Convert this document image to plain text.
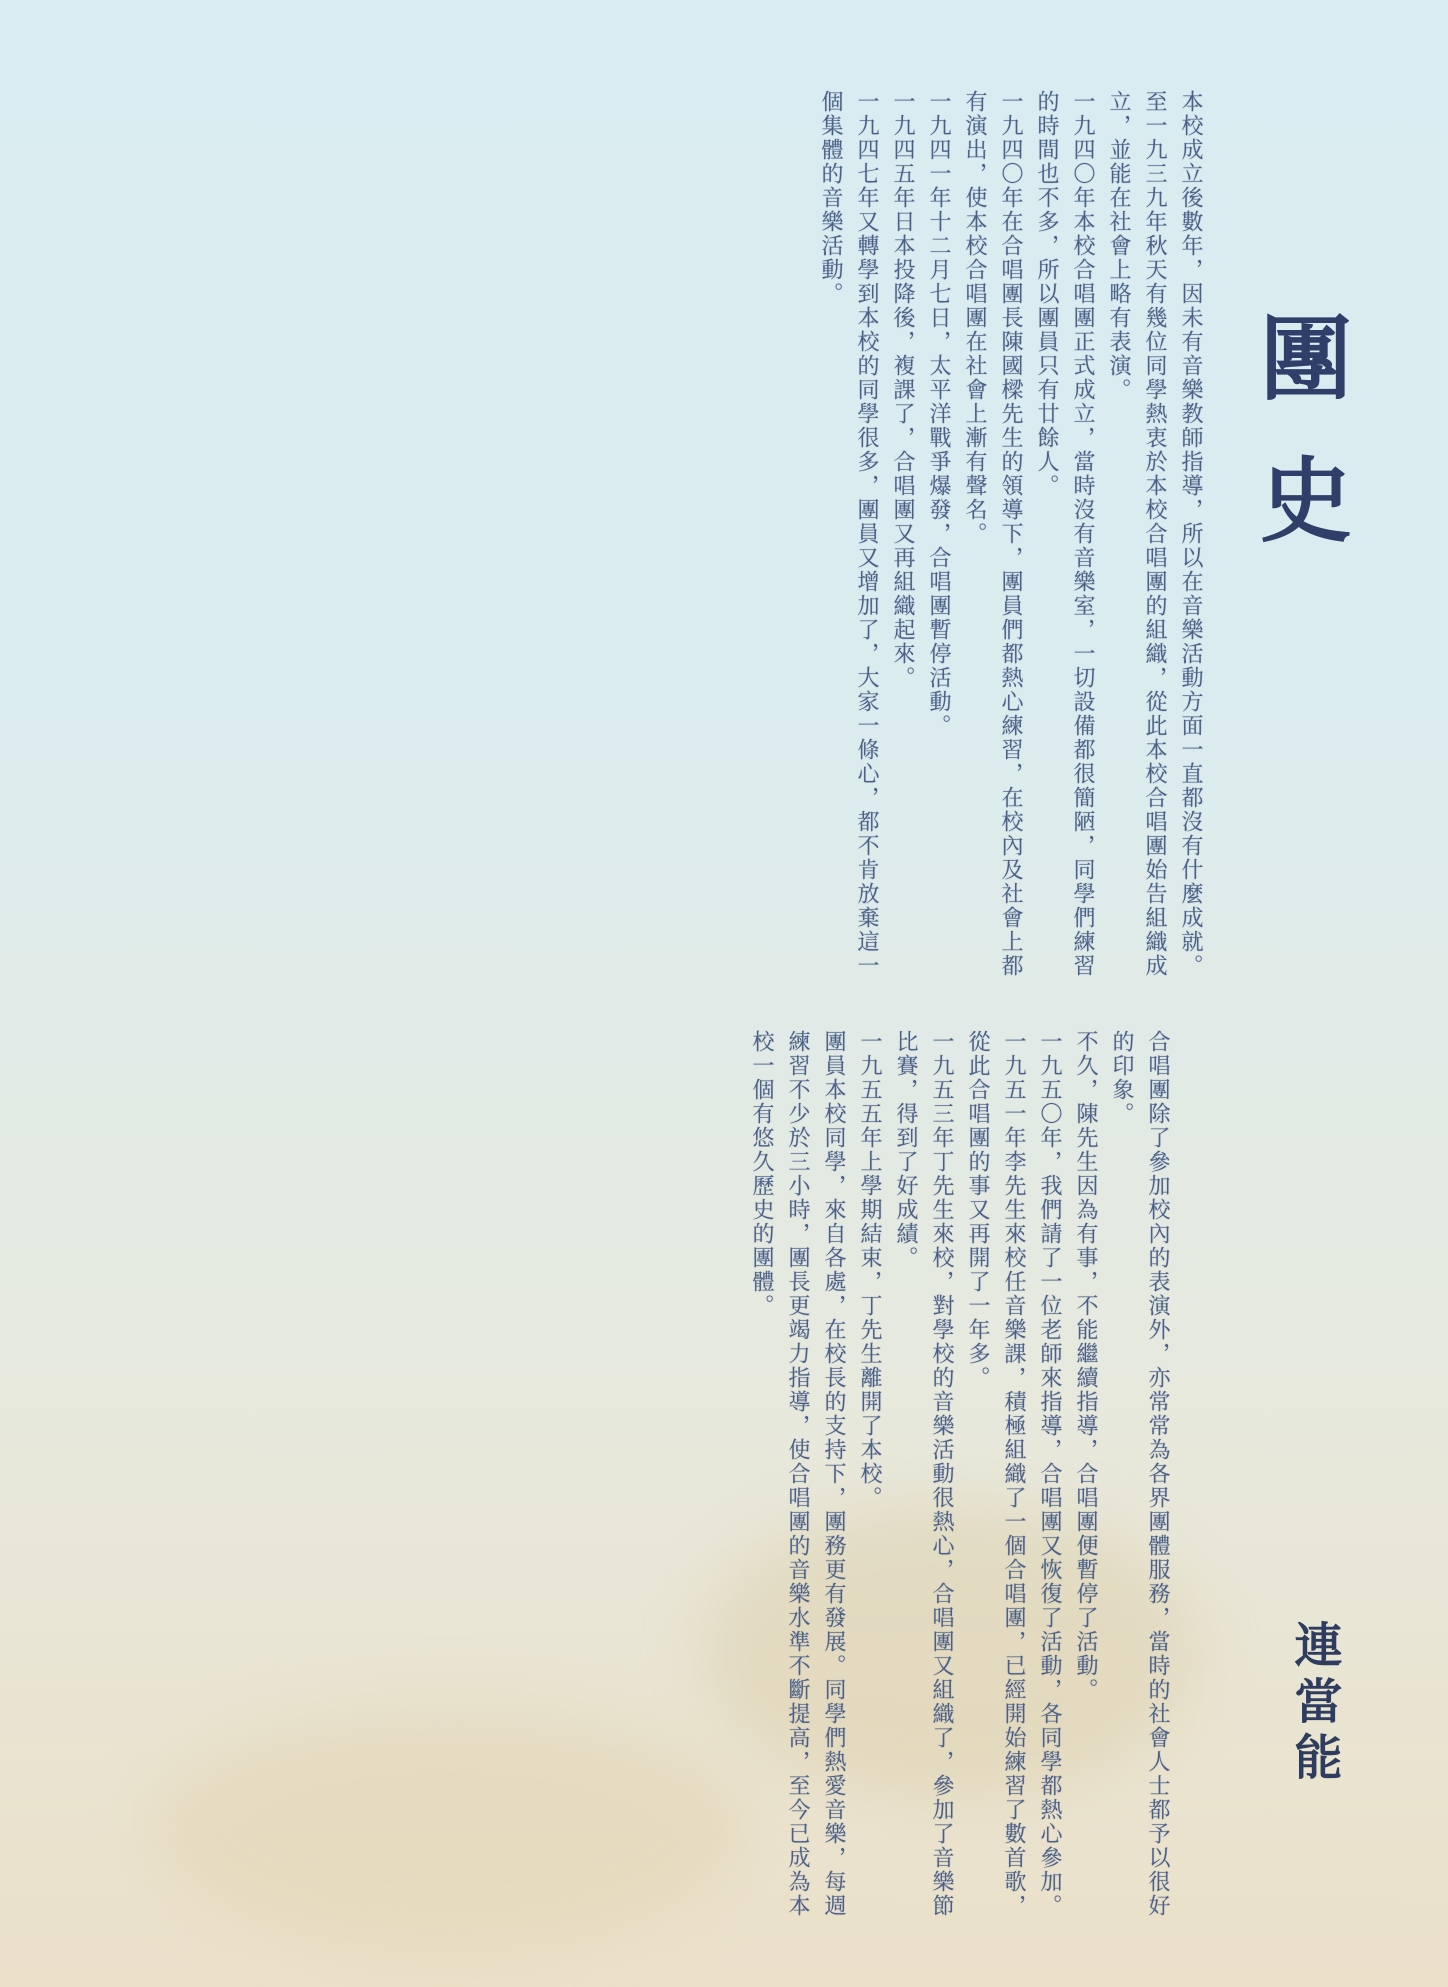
團史
連當能
本校成立後數年，因未有音樂教師指導，所以在音樂活動方面一直都沒有什麼成就。至一九三九年秋天有幾位同學熱衷於本校合唱團的組織，從此本校合唱團始告組織成立，並能在社會上略有表演。
一九四〇年本校合唱團正式成立，當時沒有音樂室，一切設備都很簡陋，同學們練習的時間也不多，所以團員只有廿餘人。
一九四〇年在合唱團長陳國樑先生的領導下，團員們都熱心練習，在校內及社會上都有演出，使本校合唱團在社會上漸有聲名。
一九四一年十二月七日，太平洋戰爭爆發，合唱團暫停活動。
一九四五年日本投降後，複課了，合唱團又再組織起來。
一九四七年又轉學到本校的同學很多，團員又增加了，大家一條心，都不肯放棄這一個集體的音樂活動。
合唱團除了參加校內的表演外，亦常常為各界團體服務，當時的社會人士都予以很好的印象。
不久，陳先生因為有事，不能繼續指導，合唱團便暫停了活動。
一九五〇年，我們請了一位老師來指導，合唱團又恢復了活動，各同學都熱心參加。
一九五一年李先生來校任音樂課，積極組織了一個合唱團，已經開始練習了數首歌，從此合唱團的事又再開了一年多。
一九五三年丁先生來校，對學校的音樂活動很熱心，合唱團又組織了，參加了音樂節比賽，得到了好成績。
一九五五年上學期結束，丁先生離開了本校。
團員本校同學，來自各處，在校長的支持下，團務更有發展。同學們熱愛音樂，每週練習不少於三小時，團長更竭力指導，使合唱團的音樂水準不斷提高，至今已成為本校一個有悠久歷史的團體。
